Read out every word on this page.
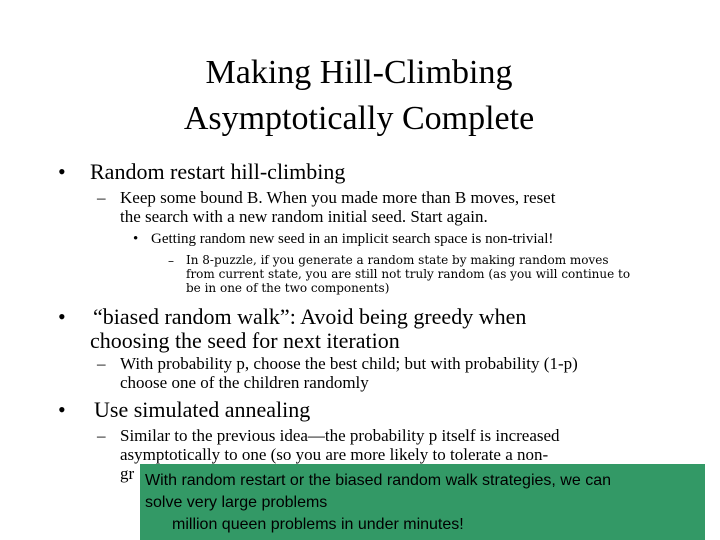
Making Hill-Climbing
Asymptotically Complete
• Random restart hill-climbing
– Keep some bound B. When you made more than B moves, reset
the search with a new random initial seed. Start again.
• Getting random new seed in an implicit search space is non-trivial!
– In 8-puzzle, if you generate a random state by making random moves
from current state, you are still not truly random (as you will continue to
be in one of the two components)
• “biased random walk”: Avoid being greedy when
choosing the seed for next iteration
– With probability p, choose the best child; but with probability (1-p)
choose one of the children randomly
• Use simulated annealing
– Similar to the previous idea—the probability p itself is increased
asymptotically to one (so you are more likely to tolerate a non-
gr With random restart or the biased random walk strategies, we can
solve very large problems
million queen problems in under minutes!
